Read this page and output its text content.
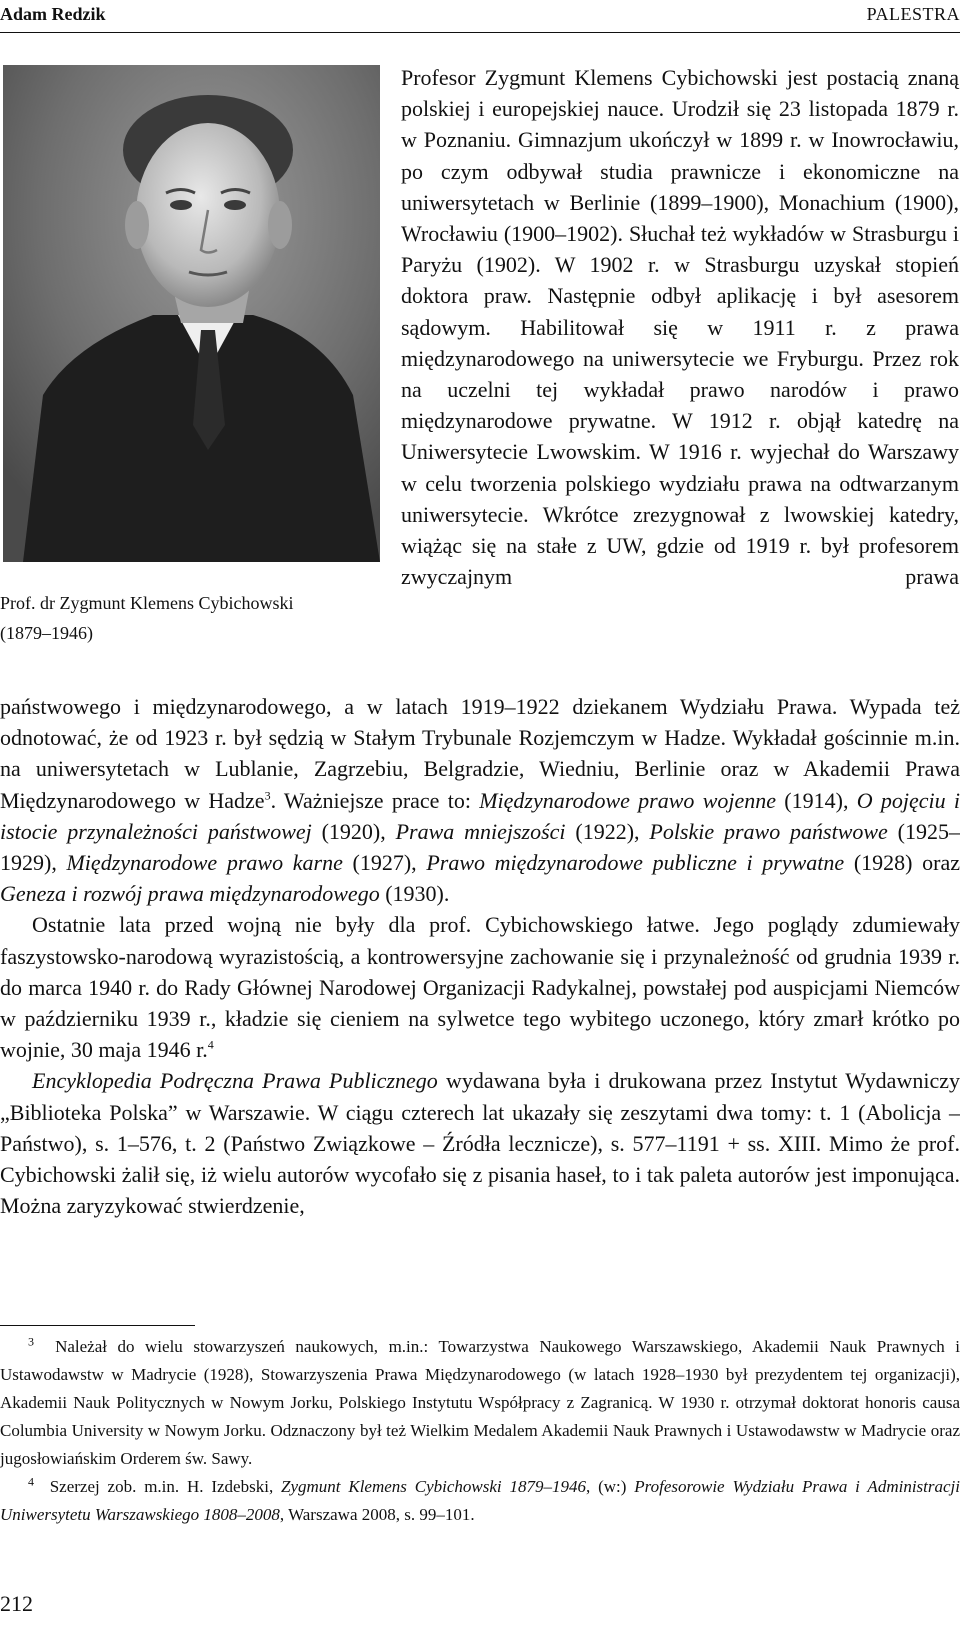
Adam Redzik	PALESTRA
Prof. dr Zygmunt Klemens Cybichowski
(1879–1946)

Profesor Zygmunt Klemens Cybichowski jest postacią znaną polskiej i europejskiej nauce. Urodził się 23 listopada 1879 r. w Poznaniu. Gimnazjum ukończył w 1899 r. w Inowrocławiu, po czym odbywał studia prawnicze i ekonomiczne na uniwersytetach w Berlinie (1899–1900), Monachium (1900), Wrocławiu (1900–1902). Słuchał też wykładów w Strasburgu i Paryżu (1902). W 1902 r. w Strasburgu uzyskał stopień doktora praw. Następnie odbył aplikację i był asesorem sądowym. Habilitował się w 1911 r. z prawa międzynarodowego na uniwersytecie we Fryburgu. Przez rok na uczelni tej wykładał prawo narodów i prawo międzynarodowe prywatne. W 1912 r. objął katedrę na Uniwersytecie Lwowskim. W 1916 r. wyjechał do Warszawy w celu tworzenia polskiego wydziału prawa na odtwarzanym uniwersytecie. Wkrótce zrezygnował z lwowskiej katedry, wiążąc się na stałe z UW, gdzie od 1919 r. był profesorem zwyczajnym prawa

państwowego i międzynarodowego, a w latach 1919–1922 dziekanem Wydziału Prawa. Wypada też odnotować, że od 1923 r. był sędzią w Stałym Trybunale Rozjemczym w Hadze. Wykładał gościnnie m.in. na uniwersytetach w Lublanie, Zagrzebiu, Belgradzie, Wiedniu, Berlinie oraz w Akademii Prawa Międzynarodowego w Hadze$^3$. Ważniejsze prace to: Międzynarodowe prawo wojenne (1914), O pojęciu i istocie przynależności państwowej (1920), Prawa mniejszości (1922), Polskie prawo państwowe (1925–1929), Międzynarodowe prawo karne (1927), Prawo międzynarodowe publiczne i prywatne (1928) oraz Geneza i rozwój prawa międzynarodowego (1930).

Ostatnie lata przed wojną nie były dla prof. Cybichowskiego łatwe. Jego poglądy zdumiewały faszystowsko-narodową wyrazistością, a kontrowersyjne zachowanie się i przynależność od grudnia 1939 r. do marca 1940 r. do Rady Głównej Narodowej Organizacji Radykalnej, powstałej pod auspicjami Niemców w październiku 1939 r., kładzie się cieniem na sylwetce tego wybitego uczonego, który zmarł krótko po wojnie, 30 maja 1946 r.$^4$

Encyklopedia Podręczna Prawa Publicznego wydawana była i drukowana przez Instytut Wydawniczy „Biblioteka Polska” w Warszawie. W ciągu czterech lat ukazały się zeszytami dwa tomy: t. 1 (Abolicja – Państwo), s. 1–576, t. 2 (Państwo Związkowe – Źródła lecznicze), s. 577–1191 + ss. XIII. Mimo że prof. Cybichowski żalił się, iż wielu autorów wycofało się z pisania haseł, to i tak paleta autorów jest imponująca. Można zaryzykować stwierdzenie,

$^3$ Należał do wielu stowarzyszeń naukowych, m.in.: Towarzystwa Naukowego Warszawskiego, Akademii Nauk Prawnych i Ustawodawstw w Madrycie (1928), Stowarzyszenia Prawa Międzynarodowego (w latach 1928–1930 był prezydentem tej organizacji), Akademii Nauk Politycznych w Nowym Jorku, Polskiego Instytutu Współpracy z Zagranicą. W 1930 r. otrzymał doktorat honoris causa Columbia University w Nowym Jorku. Odznaczony był też Wielkim Medalem Akademii Nauk Prawnych i Ustawodawstw w Madrycie oraz jugosłowiańskim Orderem św. Sawy.

$^4$ Szerzej zob. m.in. H. Izdebski, Zygmunt Klemens Cybichowski 1879–1946, (w:) Profesorowie Wydziału Prawa i Administracji Uniwersytetu Warszawskiego 1808–2008, Warszawa 2008, s. 99–101.

212
